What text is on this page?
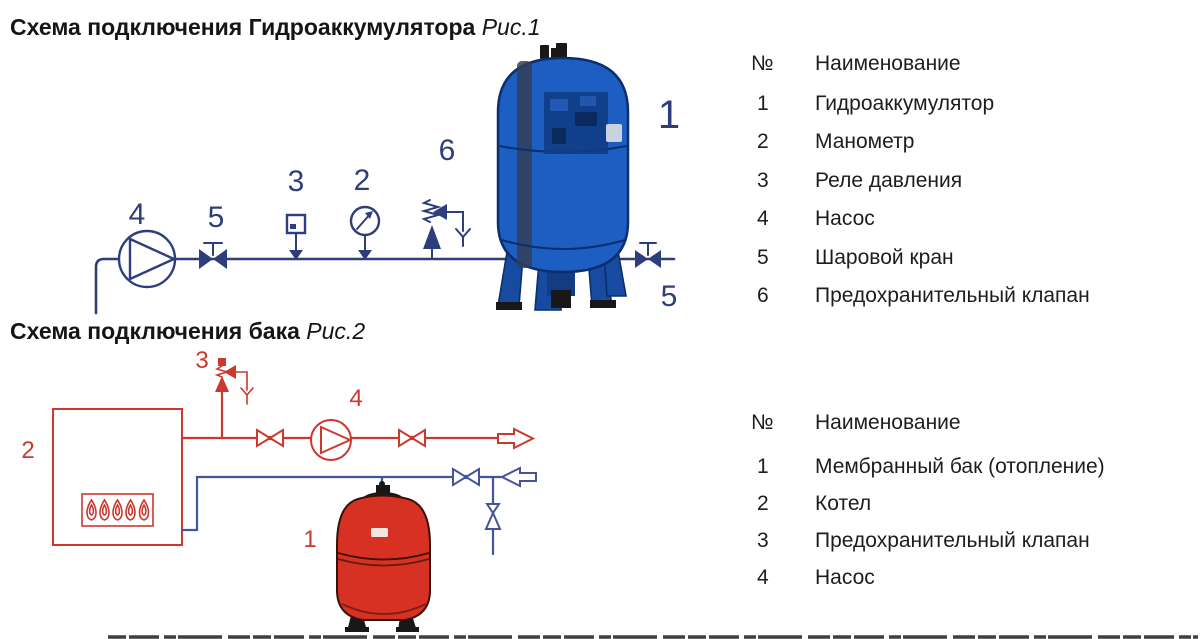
Схема подключения Гидроаккумулятора Рис.1
Схема подключения бака Рис.2
4 5
3 2
6
5
1
3
2
4
1
№	Наименование
1	Гидроаккумулятор
2	Манометр
3	Реле давления
4	Насос
5	Шаровой кран
6	Предохранительный клапан
№	Наименование
1	Мембранный бак (отопление)
2	Котел
3	Предохранительный клапан
4	Насос
